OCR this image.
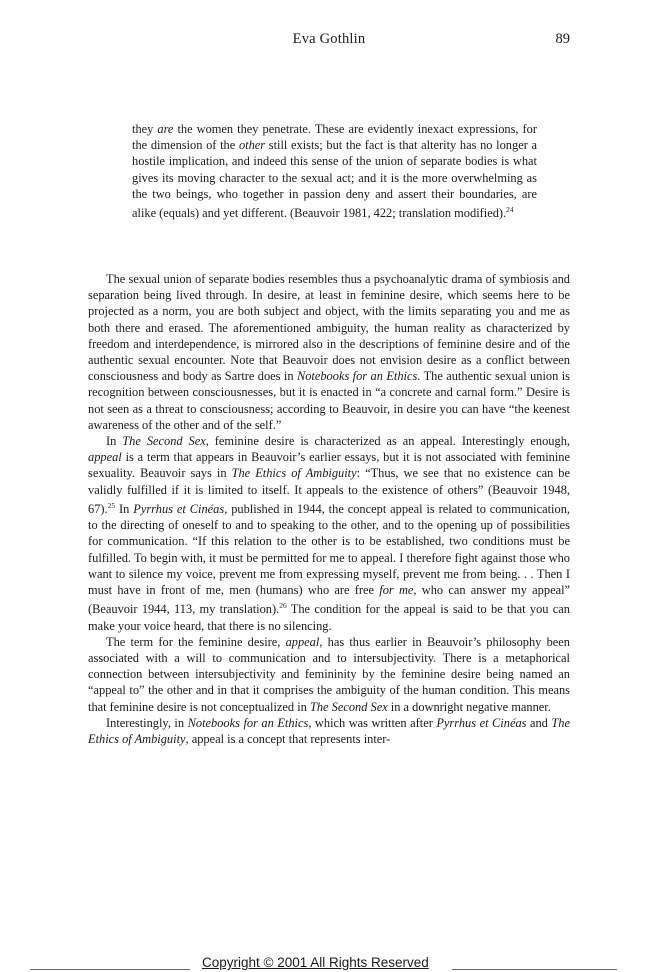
Eva Gothlin	89
they are the women they penetrate. These are evidently inexact expressions, for the dimension of the other still exists; but the fact is that alterity has no longer a hostile implication, and indeed this sense of the union of separate bodies is what gives its moving character to the sexual act; and it is the more overwhelming as the two beings, who together in passion deny and assert their boundaries, are alike (equals) and yet different. (Beauvoir 1981, 422; translation modified).$^{24}$

The sexual union of separate bodies resembles thus a psychoanalytic drama of symbiosis and separation being lived through. In desire, at least in feminine desire, which seems here to be projected as a norm, you are both subject and object, with the limits separating you and me as both there and erased. The aforementioned ambiguity, the human reality as characterized by freedom and interdependence, is mirrored also in the descriptions of feminine desire and of the authentic sexual encounter. Note that Beauvoir does not envision desire as a conflict between consciousness and body as Sartre does in Notebooks for an Ethics. The authentic sexual union is recognition between consciousnesses, but it is enacted in “a concrete and carnal form.” Desire is not seen as a threat to consciousness; according to Beauvoir, in desire you can have “the keenest awareness of the other and of the self.”

In The Second Sex, feminine desire is characterized as an appeal. Interestingly enough, appeal is a term that appears in Beauvoir’s earlier essays, but it is not associated with feminine sexuality. Beauvoir says in The Ethics of Ambiguity: “Thus, we see that no existence can be validly fulfilled if it is limited to itself. It appeals to the existence of others” (Beauvoir 1948, 67).$^{25}$ In Pyrrhus et Cinéas, published in 1944, the concept appeal is related to communication, to the directing of oneself to and to speaking to the other, and to the opening up of possibilities for communication. “If this relation to the other is to be established, two conditions must be fulfilled. To begin with, it must be permitted for me to appeal. I therefore fight against those who want to silence my voice, prevent me from expressing myself, prevent me from being. . . Then I must have in front of me, men (humans) who are free for me, who can answer my appeal” (Beauvoir 1944, 113, my translation).$^{26}$ The condition for the appeal is said to be that you can make your voice heard, that there is no silencing.

The term for the feminine desire, appeal, has thus earlier in Beauvoir’s philosophy been associated with a will to communication and to intersubjectivity. There is a metaphorical connection between intersubjectivity and femininity by the feminine desire being named an “appeal to” the other and in that it comprises the ambiguity of the human condition. This means that feminine desire is not conceptualized in The Second Sex in a downright negative manner.

Interestingly, in Notebooks for an Ethics, which was written after Pyrrhus et Cinéas and The Ethics of Ambiguity, appeal is a concept that represents inter-

Copyright © 2001 All Rights Reserved
